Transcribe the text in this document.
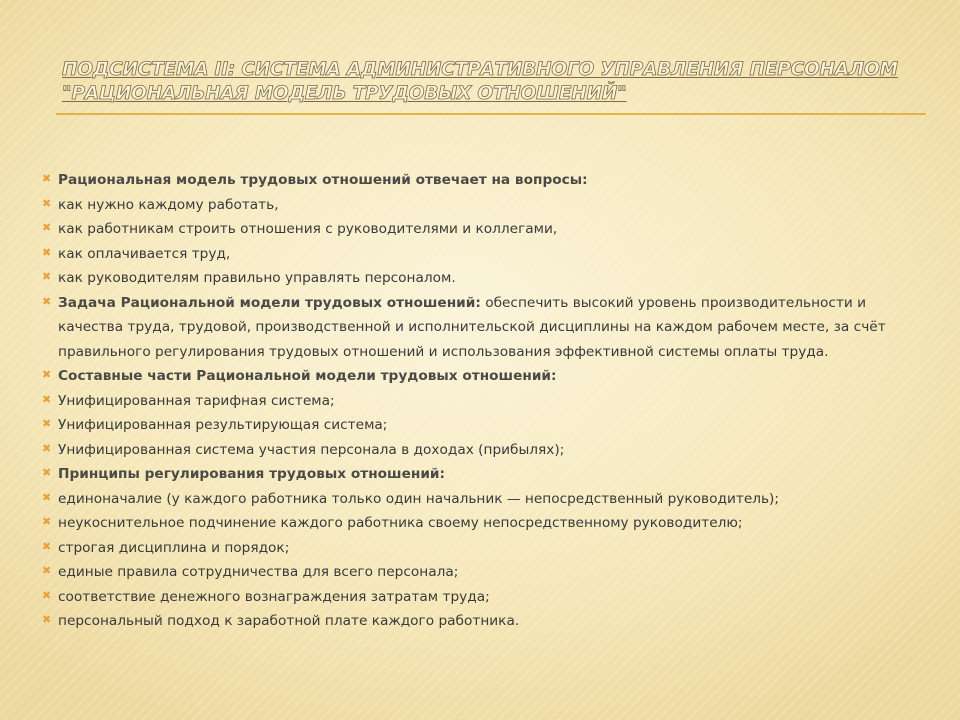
ПОДСИСТЕМА II: СИСТЕМА АДМИНИСТРАТИВНОГО УПРАВЛЕНИЯ ПЕРСОНАЛОМ
"РАЦИОНАЛЬНАЯ МОДЕЛЬ ТРУДОВЫХ ОТНОШЕНИЙ"
✖ Рациональная модель трудовых отношений отвечает на вопросы:
✖ как нужно каждому работать,
✖ как работникам строить отношения с руководителями и коллегами,
✖ как оплачивается труд,
✖ как руководителям правильно управлять персоналом.
✖ Задача Рациональной модели трудовых отношений: обеспечить высокий уровень производительности и качества труда, трудовой, производственной и исполнительской дисциплины на каждом рабочем месте, за счёт правильного регулирования трудовых отношений и использования эффективной системы оплаты труда.
✖ Составные части Рациональной модели трудовых отношений:
✖ Унифицированная тарифная система;
✖ Унифицированная результирующая система;
✖ Унифицированная система участия персонала в доходах (прибылях);
✖ Принципы регулирования трудовых отношений:
✖ единоначалие (у каждого работника только один начальник — непосредственный руководитель);
✖ неукоснительное подчинение каждого работника своему непосредственному руководителю;
✖ строгая дисциплина и порядок;
✖ единые правила сотрудничества для всего персонала;
✖ соответствие денежного вознаграждения затратам труда;
✖ персональный подход к заработной плате каждого работника.
